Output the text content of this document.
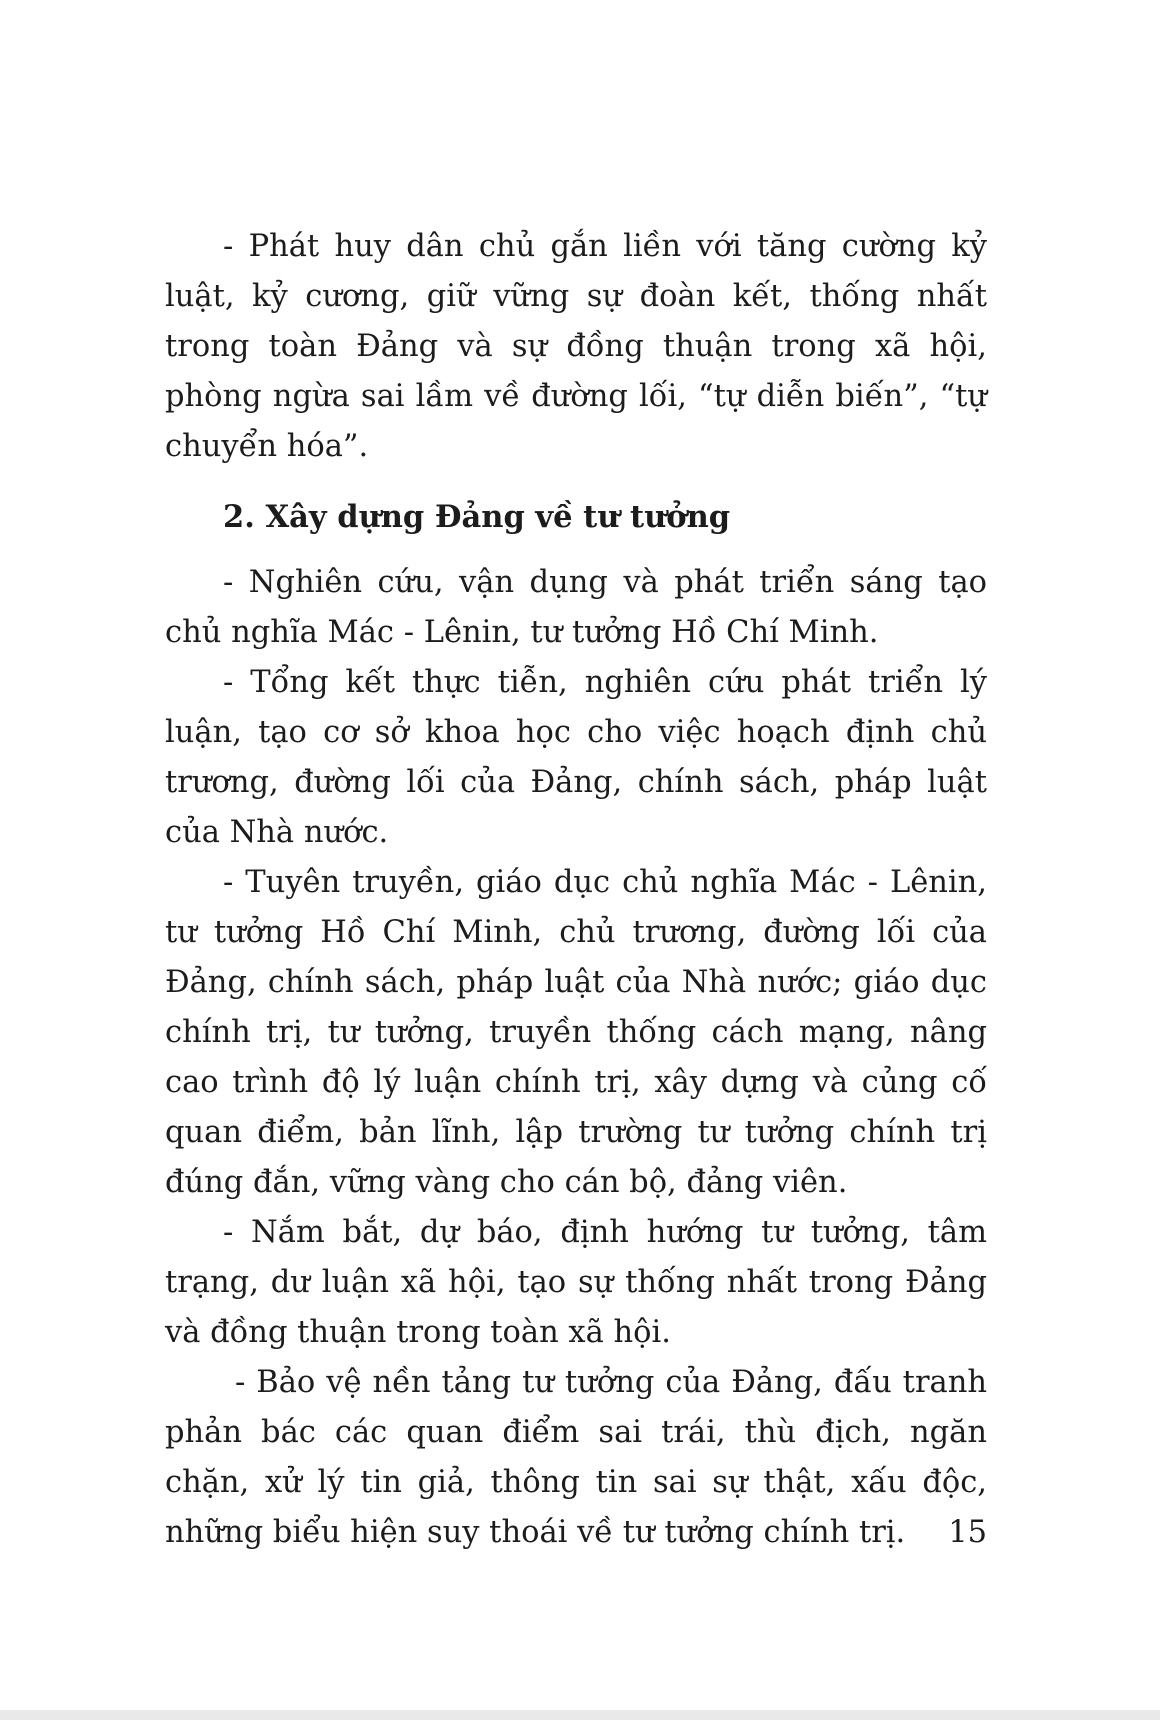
- Phát huy dân chủ gắn liền với tăng cường kỷ luật, kỷ cương, giữ vững sự đoàn kết, thống nhất trong toàn Đảng và sự đồng thuận trong xã hội, phòng ngừa sai lầm về đường lối, “tự diễn biến”, “tự chuyển hóa”.

2. Xây dựng Đảng về tư tưởng

- Nghiên cứu, vận dụng và phát triển sáng tạo chủ nghĩa Mác - Lênin, tư tưởng Hồ Chí Minh.

- Tổng kết thực tiễn, nghiên cứu phát triển lý luận, tạo cơ sở khoa học cho việc hoạch định chủ trương, đường lối của Đảng, chính sách, pháp luật của Nhà nước.

- Tuyên truyền, giáo dục chủ nghĩa Mác - Lênin, tư tưởng Hồ Chí Minh, chủ trương, đường lối của Đảng, chính sách, pháp luật của Nhà nước; giáo dục chính trị, tư tưởng, truyền thống cách mạng, nâng cao trình độ lý luận chính trị, xây dựng và củng cố quan điểm, bản lĩnh, lập trường tư tưởng chính trị đúng đắn, vững vàng cho cán bộ, đảng viên.

- Nắm bắt, dự báo, định hướng tư tưởng, tâm trạng, dư luận xã hội, tạo sự thống nhất trong Đảng và đồng thuận trong toàn xã hội.

- Bảo vệ nền tảng tư tưởng của Đảng, đấu tranh phản bác các quan điểm sai trái, thù địch, ngăn chặn, xử lý tin giả, thông tin sai sự thật, xấu độc, những biểu hiện suy thoái về tư tưởng chính trị.	15
